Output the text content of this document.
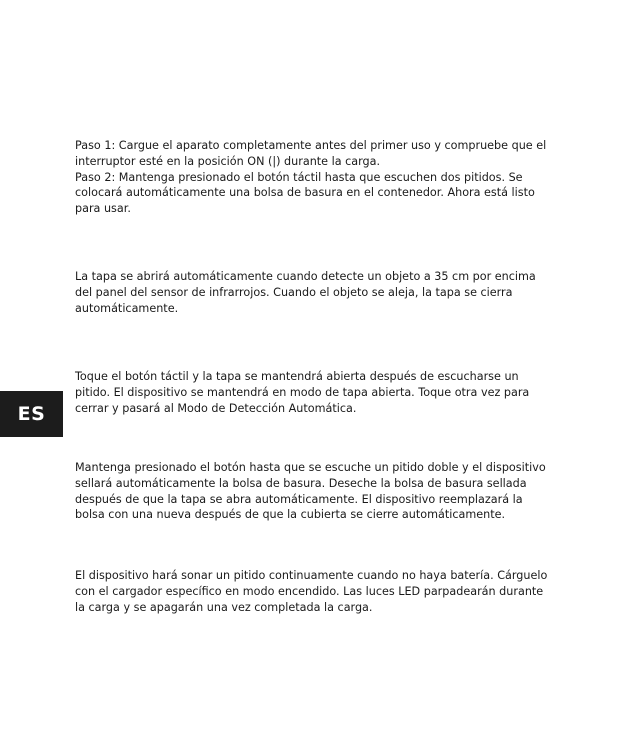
ES
Paso 1: Cargue el aparato completamente antes del primer uso y compruebe que el
interruptor esté en la posición ON (|) durante la carga.
Paso 2: Mantenga presionado el botón táctil hasta que escuchen dos pitidos. Se
colocará automáticamente una bolsa de basura en el contenedor. Ahora está listo
para usar.
La tapa se abrirá automáticamente cuando detecte un objeto a 35 cm por encima
del panel del sensor de infrarrojos. Cuando el objeto se aleja, la tapa se cierra
automáticamente.
Toque el botón táctil y la tapa se mantendrá abierta después de escucharse un
pitido. El dispositivo se mantendrá en modo de tapa abierta. Toque otra vez para
cerrar y pasará al Modo de Detección Automática.
Mantenga presionado el botón hasta que se escuche un pitido doble y el dispositivo
sellará automáticamente la bolsa de basura. Deseche la bolsa de basura sellada
después de que la tapa se abra automáticamente. El dispositivo reemplazará la
bolsa con una nueva después de que la cubierta se cierre automáticamente.
El dispositivo hará sonar un pitido continuamente cuando no haya batería. Cárguelo
con el cargador específico en modo encendido. Las luces LED parpadearán durante
la carga y se apagarán una vez completada la carga.
